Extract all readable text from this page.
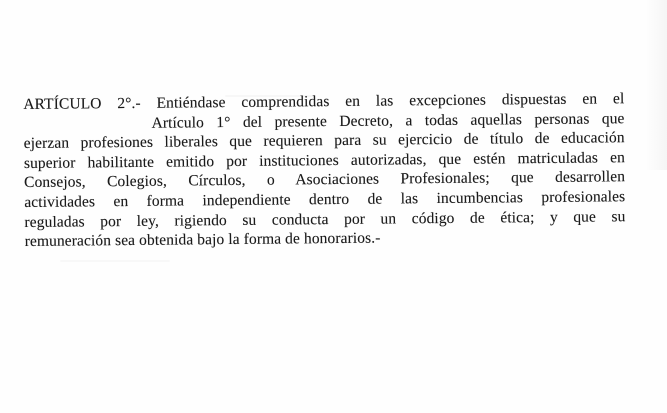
ARTÍCULO 2°.- Entiéndase comprendidas en las excepciones dispuestas en el
Artículo 1° del presente Decreto, a todas aquellas personas que
ejerzan profesiones liberales que requieren para su ejercicio de título de educación
superior habilitante emitido por instituciones autorizadas, que estén matriculadas en
Consejos, Colegios, Círculos, o Asociaciones Profesionales; que desarrollen
actividades en forma independiente dentro de las incumbencias profesionales
reguladas por ley, rigiendo su conducta por un código de ética; y que su
remuneración sea obtenida bajo la forma de honorarios.-
